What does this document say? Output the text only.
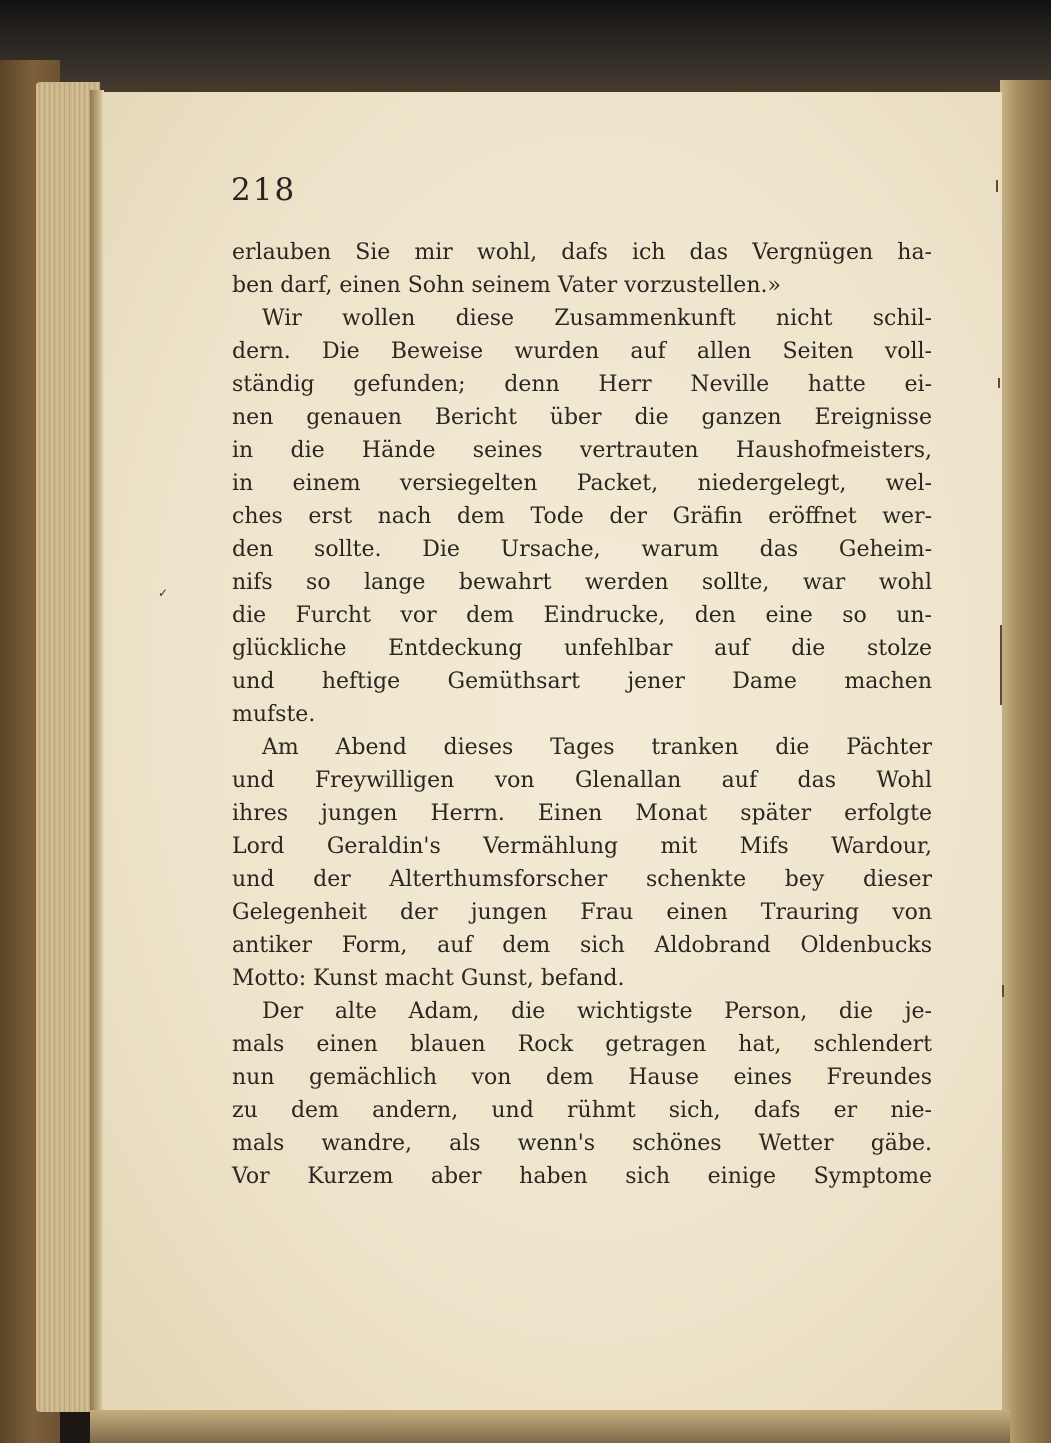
218
✓
erlauben Sie mir wohl, dafs ich das Vergnügen ha-
ben darf, einen Sohn seinem Vater vorzustellen.»
Wir wollen diese Zusammenkunft nicht schil-
dern. Die Beweise wurden auf allen Seiten voll-
ständig gefunden; denn Herr Neville hatte ei-
nen genauen Bericht über die ganzen Ereignisse
in die Hände seines vertrauten Haushofmeisters,
in einem versiegelten Packet, niedergelegt, wel-
ches erst nach dem Tode der Gräfin eröffnet wer-
den sollte. Die Ursache, warum das Geheim-
nifs so lange bewahrt werden sollte, war wohl
die Furcht vor dem Eindrucke, den eine so un-
glückliche Entdeckung unfehlbar auf die stolze
und heftige Gemüthsart jener Dame machen
mufste.
Am Abend dieses Tages tranken die Pächter
und Freywilligen von Glenallan auf das Wohl
ihres jungen Herrn. Einen Monat später erfolgte
Lord Geraldin's Vermählung mit Mifs Wardour,
und der Alterthumsforscher schenkte bey dieser
Gelegenheit der jungen Frau einen Trauring von
antiker Form, auf dem sich Aldobrand Oldenbucks
Motto: Kunst macht Gunst, befand.
Der alte Adam, die wichtigste Person, die je-
mals einen blauen Rock getragen hat, schlendert
nun gemächlich von dem Hause eines Freundes
zu dem andern, und rühmt sich, dafs er nie-
mals wandre, als wenn's schönes Wetter gäbe.
Vor Kurzem aber haben sich einige Symptome
